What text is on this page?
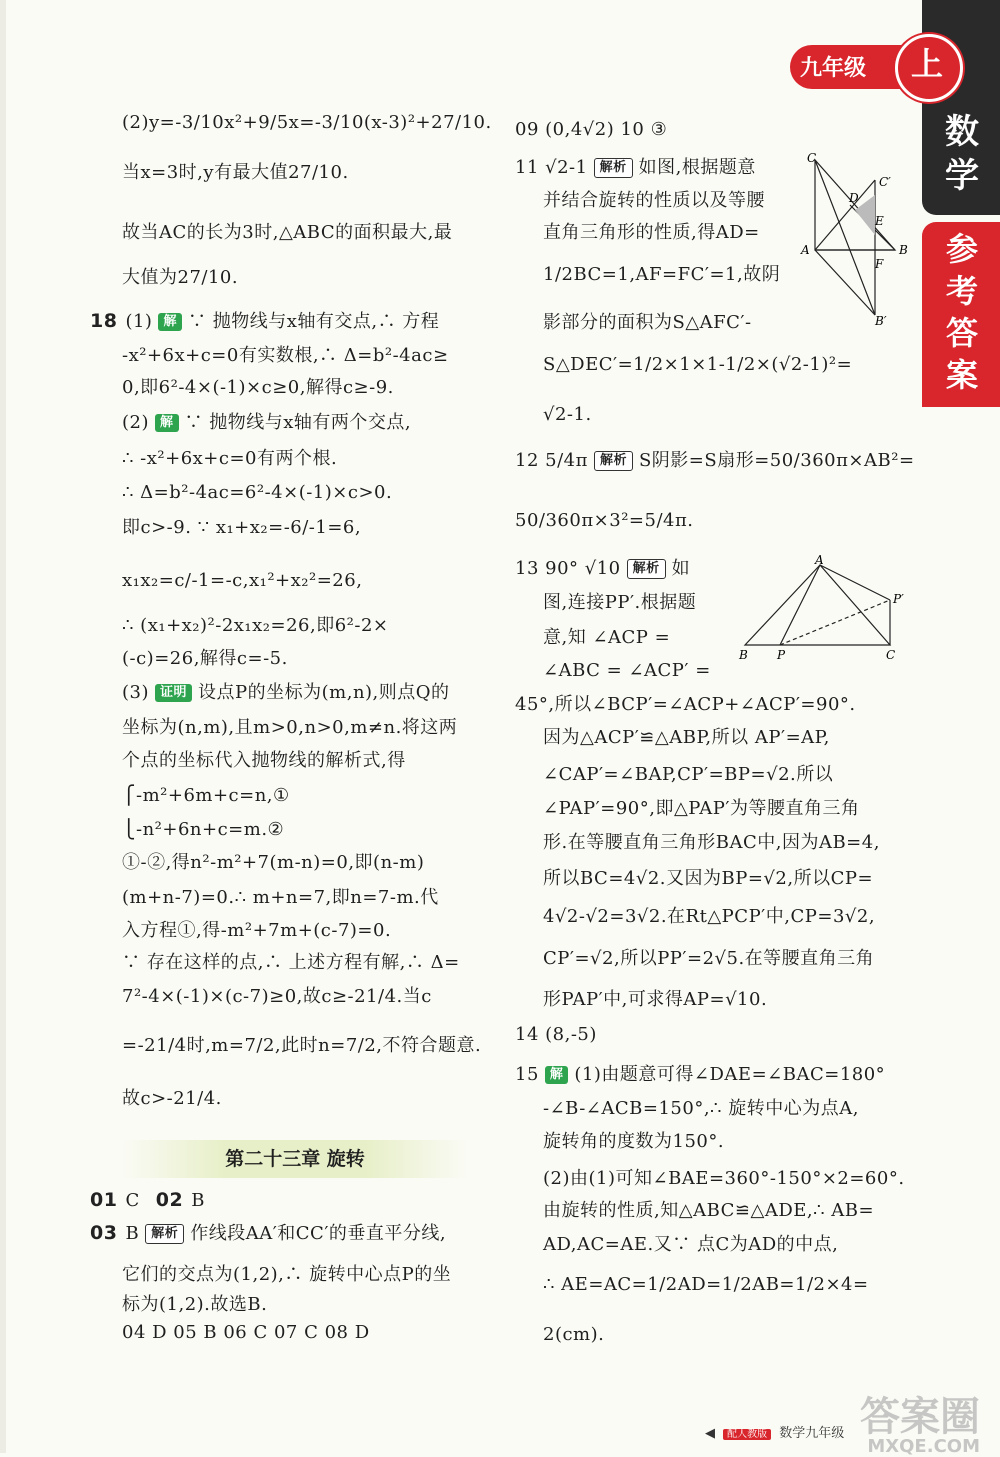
数学
参考答案
九年级 上
(2)y=-3/10x²+9/5x=-3/10(x-3)²+27/10.
当x=3时,y有最大值27/10.
故当AC的长为3时,△ABC的面积最大,最
大值为27/10.
18 (1) 解 ∵ 抛物线与x轴有交点,∴ 方程
-x²+6x+c=0有实数根,∴ Δ=b²-4ac≥
0,即6²-4×(-1)×c≥0,解得c≥-9.
(2) 解 ∵ 抛物线与x轴有两个交点,
∴ -x²+6x+c=0有两个根.
∴ Δ=b²-4ac=6²-4×(-1)×c>0.
即c>-9. ∵ x₁+x₂=-6/-1=6,
x₁x₂=c/-1=-c,x₁²+x₂²=26,
∴ (x₁+x₂)²-2x₁x₂=26,即6²-2×
(-c)=26,解得c=-5.
(3) 证明 设点P的坐标为(m,n),则点Q的
坐标为(n,m),且m>0,n>0,m≠n.将这两
个点的坐标代入抛物线的解析式,得
⎧-m²+6m+c=n,①
⎩-n²+6n+c=m.②
①-②,得n²-m²+7(m-n)=0,即(n-m)
(m+n-7)=0.∴ m+n=7,即n=7-m.代
入方程①,得-m²+7m+(c-7)=0.
∵ 存在这样的点,∴ 上述方程有解,∴ Δ=
7²-4×(-1)×(c-7)≥0,故c≥-21/4.当c
=-21/4时,m=7/2,此时n=7/2,不符合题意.
故c>-21/4.
01 C 02 B
03 B 解析 作线段AA′和CC′的垂直平分线,
它们的交点为(1,2),∴ 旋转中心点P的坐
标为(1,2).故选B.
04 D 05 B 06 C 07 C 08 D
第二十三章 旋转
09 (0,4√2) 10 ③
11 √2-1 解析 如图,根据题意
并结合旋转的性质以及等腰
直角三角形的性质,得AD=
1/2BC=1,AF=FC′=1,故阴
影部分的面积为S△AFC′-
S△DEC′=1/2×1×1-1/2×(√2-1)²=
√2-1.
12 5/4π 解析 S阴影=S扇形=50/360π×AB²=
50/360π×3²=5/4π.
13 90° √10 解析 如
图,连接PP′.根据题
意,知 ∠ACP =
∠ABC = ∠ACP′ =
45°,所以∠BCP′=∠ACP+∠ACP′=90°.
因为△ACP′≌△ABP,所以 AP′=AP,
∠CAP′=∠BAP,CP′=BP=√2.所以
∠PAP′=90°,即△PAP′为等腰直角三角
形.在等腰直角三角形BAC中,因为AB=4,
所以BC=4√2.又因为BP=√2,所以CP=
4√2-√2=3√2.在Rt△PCP′中,CP=3√2,
CP′=√2,所以PP′=2√5.在等腰直角三角
形PAP′中,可求得AP=√10.
14 (8,-5)
15 解 (1)由题意可得∠DAE=∠BAC=180°
-∠B-∠ACB=150°,∴ 旋转中心为点A,
旋转角的度数为150°.
(2)由(1)可知∠BAE=360°-150°×2=60°.
由旋转的性质,知△ABC≌△ADE,∴ AB=
AD,AC=AE.又∵ 点C为AD的中点,
∴ AE=AC=1/2AD=1/2AB=1/2×4=
2(cm).
C
C′
D
E
A
F
B
B′
A
P′
B P	C
◀ 配人教版 数学九年级 答案圈
MXQE.COM
